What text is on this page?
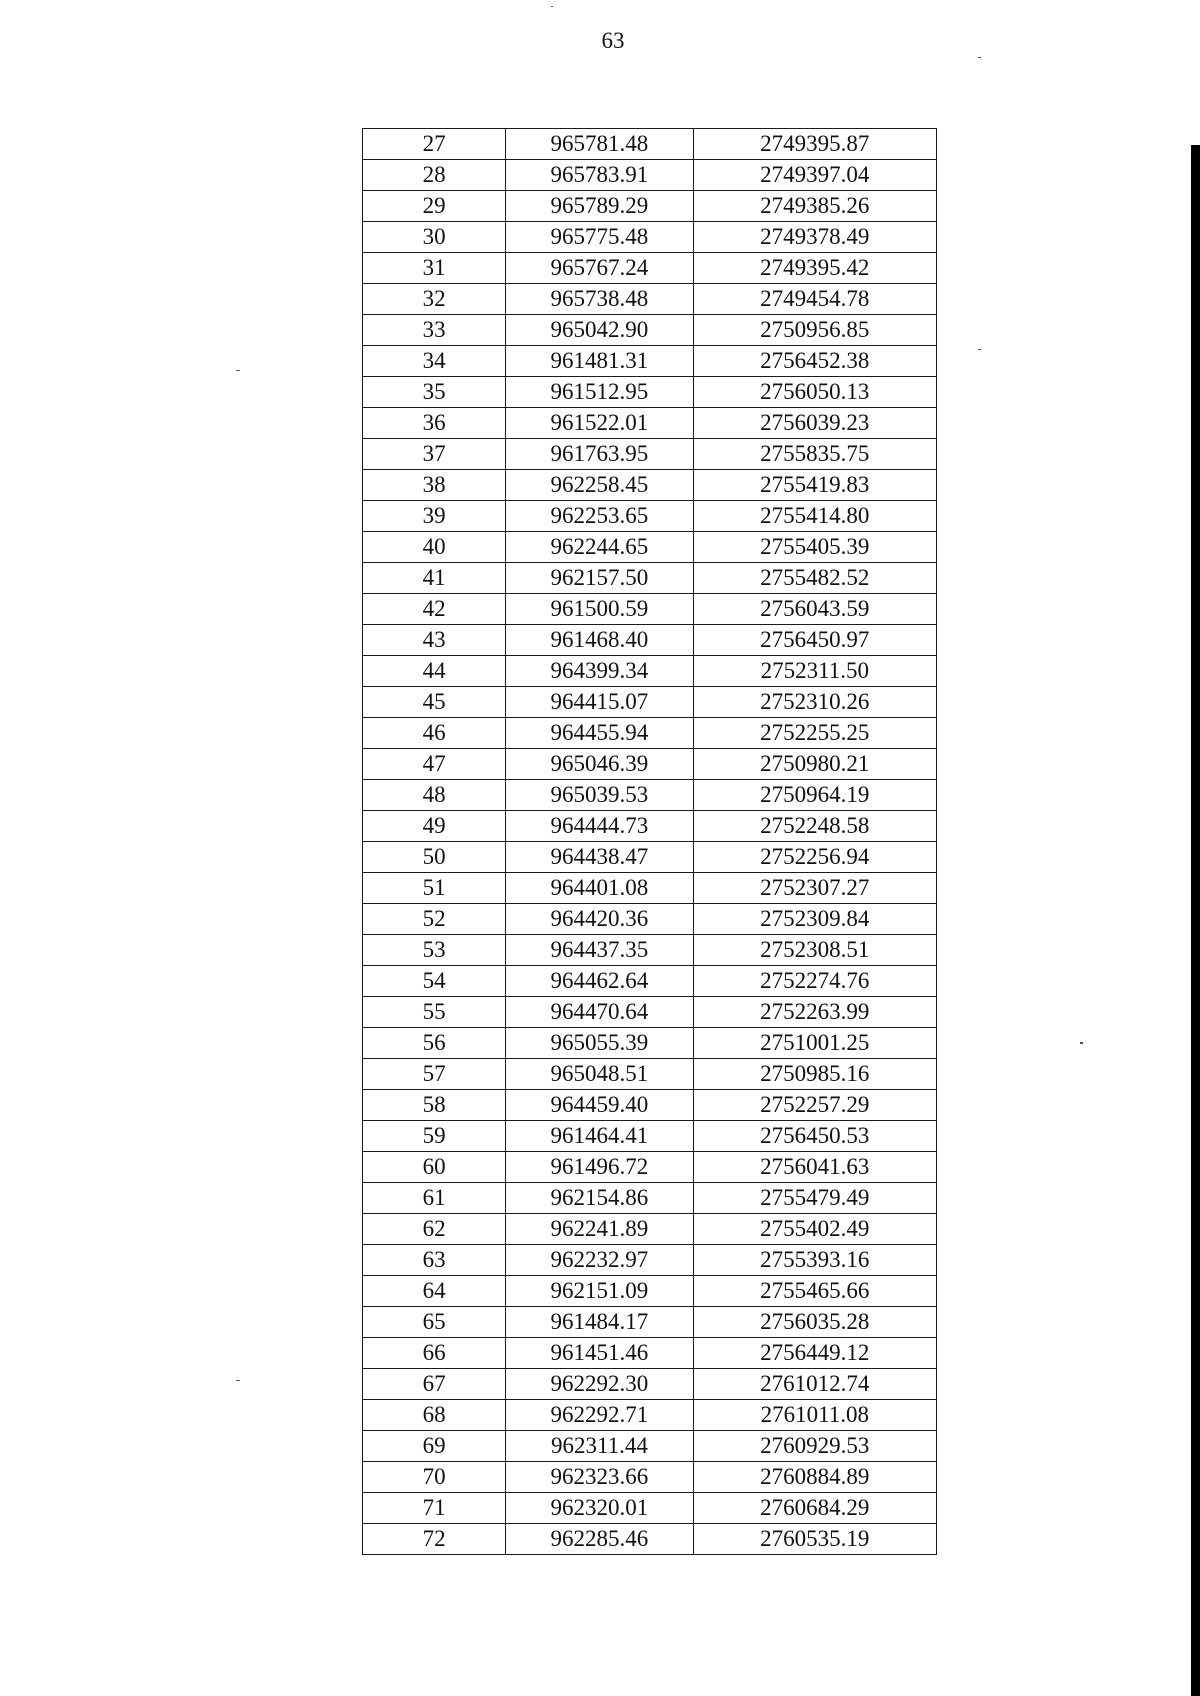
63
27	965781.48	2749395.87
28	965783.91	2749397.04
29	965789.29	2749385.26
30	965775.48	2749378.49
31	965767.24	2749395.42
32	965738.48	2749454.78
33	965042.90	2750956.85
34	961481.31	2756452.38
35	961512.95	2756050.13
36	961522.01	2756039.23
37	961763.95	2755835.75
38	962258.45	2755419.83
39	962253.65	2755414.80
40	962244.65	2755405.39
41	962157.50	2755482.52
42	961500.59	2756043.59
43	961468.40	2756450.97
44	964399.34	2752311.50
45	964415.07	2752310.26
46	964455.94	2752255.25
47	965046.39	2750980.21
48	965039.53	2750964.19
49	964444.73	2752248.58
50	964438.47	2752256.94
51	964401.08	2752307.27
52	964420.36	2752309.84
53	964437.35	2752308.51
54	964462.64	2752274.76
55	964470.64	2752263.99
56	965055.39	2751001.25
57	965048.51	2750985.16
58	964459.40	2752257.29
59	961464.41	2756450.53
60	961496.72	2756041.63
61	962154.86	2755479.49
62	962241.89	2755402.49
63	962232.97	2755393.16
64	962151.09	2755465.66
65	961484.17	2756035.28
66	961451.46	2756449.12
67	962292.30	2761012.74
68	962292.71	2761011.08
69	962311.44	2760929.53
70	962323.66	2760884.89
71	962320.01	2760684.29
72	962285.46	2760535.19
